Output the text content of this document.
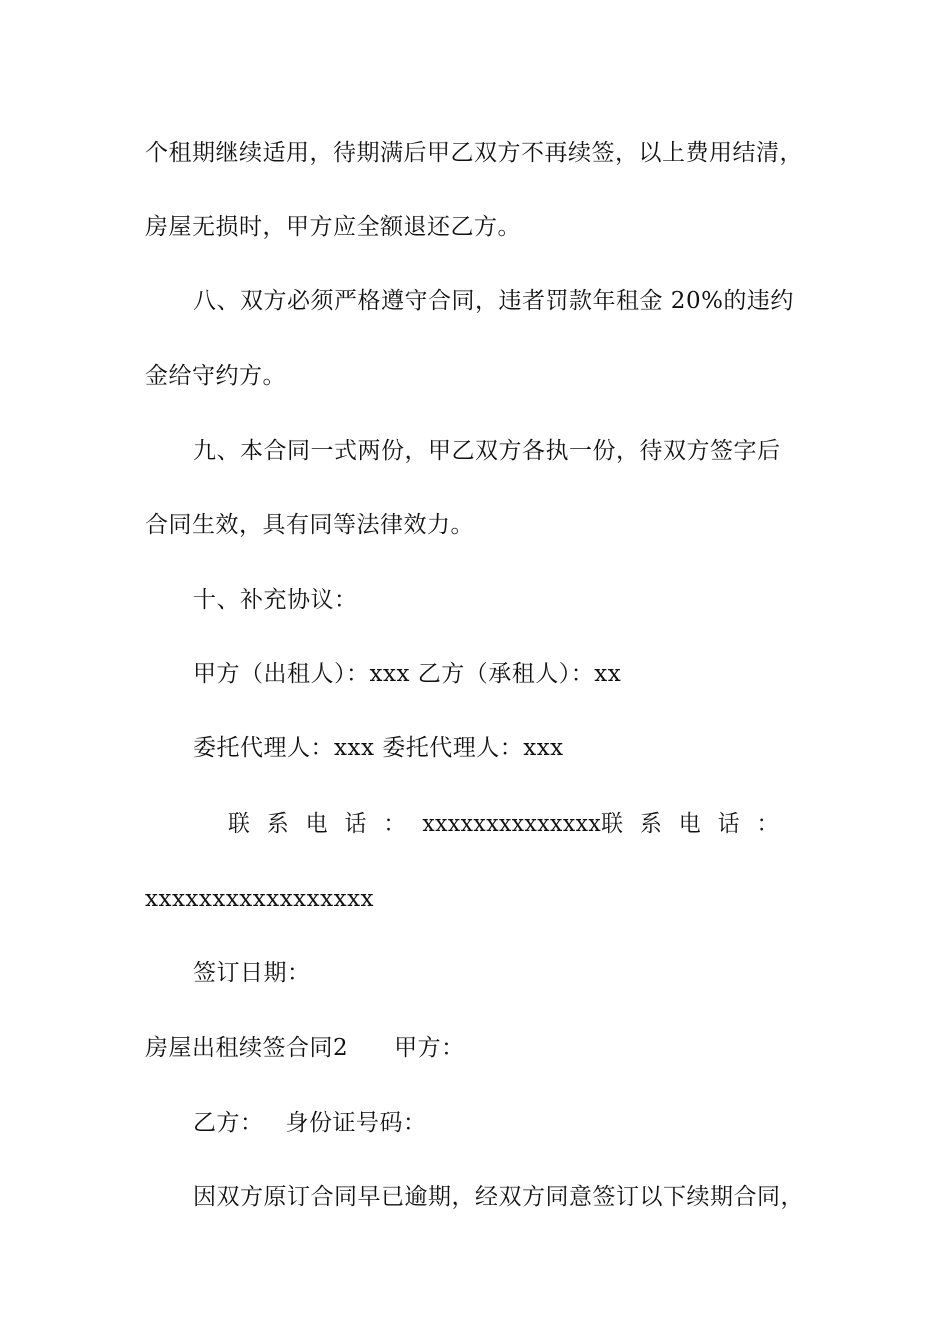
个租期继续适用，待期满后甲乙双方不再续签，以上费用结清，
房屋无损时，甲方应全额退还乙方。
八、双方必须严格遵守合同，违者罚款年租金 20%的违约
金给守约方。
九、本合同一式两份，甲乙双方各执一份，待双方签字后
合同生效，具有同等法律效力。
十、补充协议：
甲方（出租人）：xxx 乙方（承租人）：xx
委托代理人：xxx 委托代理人：xxx
联系电话： xxxxxxxxxxxxxx 联系电话：
xxxxxxxxxxxxxxxxx
签订日期：
房屋出租续签合同2 甲方：
乙方： 身份证号码：
因双方原订合同早已逾期，经双方同意签订以下续期合同，
